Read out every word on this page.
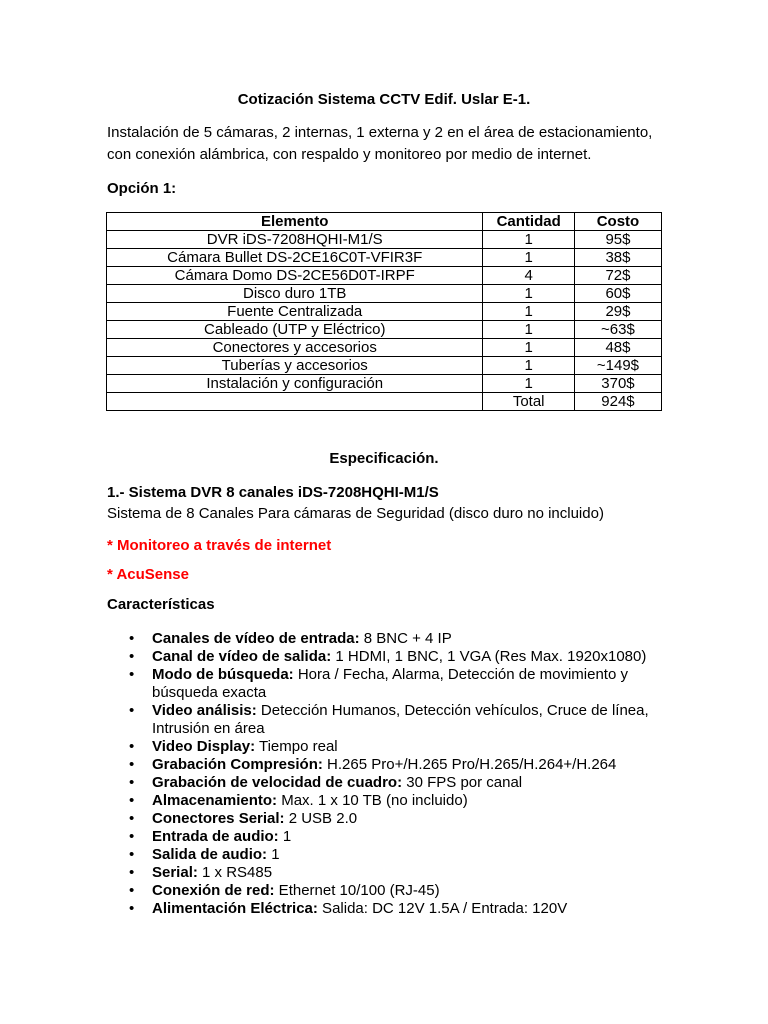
Cotización Sistema CCTV Edif. Uslar E-1.
Instalación de 5 cámaras, 2 internas, 1 externa y 2 en el área de estacionamiento, con conexión alámbrica, con respaldo y monitoreo por medio de internet.
Opción 1:
Elemento	Cantidad	Costo
DVR iDS-7208HQHI-M1/S	1	95$
Cámara Bullet DS-2CE16C0T-VFIR3F	1	38$
Cámara Domo DS-2CE56D0T-IRPF	4	72$
Disco duro 1TB	1	60$
Fuente Centralizada	1	29$
Cableado (UTP y Eléctrico)	1	~63$
Conectores y accesorios	1	48$
Tuberías y accesorios	1	~149$
Instalación y configuración	1	370$
	Total	924$
Especificación.
1.- Sistema DVR 8 canales iDS-7208HQHI-M1/S
Sistema de 8 Canales Para cámaras de Seguridad (disco duro no incluido)
* Monitoreo a través de internet
* AcuSense
Características
• Canales de vídeo de entrada: 8 BNC + 4 IP
• Canal de vídeo de salida: 1 HDMI, 1 BNC, 1 VGA (Res Max. 1920x1080)
• Modo de búsqueda: Hora / Fecha, Alarma, Detección de movimiento y búsqueda exacta
• Video análisis: Detección Humanos, Detección vehículos, Cruce de línea, Intrusión en área
• Video Display: Tiempo real
• Grabación Compresión: H.265 Pro+/H.265 Pro/H.265/H.264+/H.264
• Grabación de velocidad de cuadro: 30 FPS por canal
• Almacenamiento: Max. 1 x 10 TB (no incluido)
• Conectores Serial: 2 USB 2.0
• Entrada de audio: 1
• Salida de audio: 1
• Serial: 1 x RS485
• Conexión de red: Ethernet 10/100 (RJ-45)
• Alimentación Eléctrica: Salida: DC 12V 1.5A / Entrada: 120V
